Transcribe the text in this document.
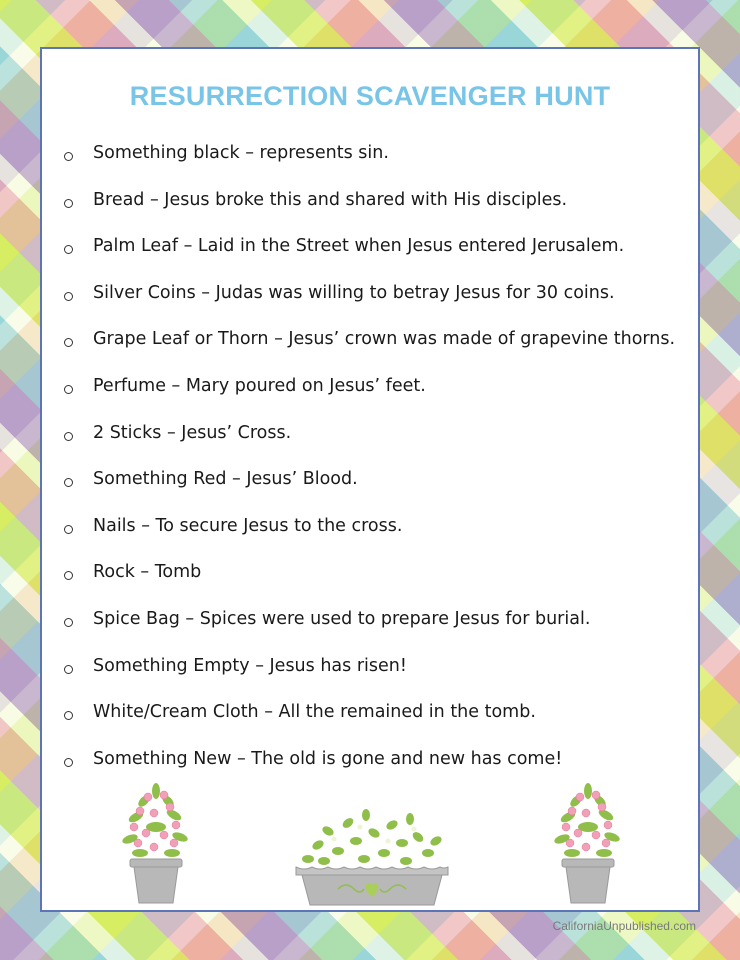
RESURRECTION SCAVENGER HUNT
Something black – represents sin.
Bread – Jesus broke this and shared with His disciples.
Palm Leaf – Laid in the Street when Jesus entered Jerusalem.
Silver Coins – Judas was willing to betray Jesus for 30 coins.
Grape Leaf or Thorn – Jesus’ crown was made of grapevine thorns.
Perfume – Mary poured on Jesus’ feet.
2 Sticks – Jesus’ Cross.
Something Red – Jesus’ Blood.
Nails – To secure Jesus to the cross.
Rock – Tomb
Spice Bag – Spices were used to prepare Jesus for burial.
Something Empty – Jesus has risen!
White/Cream Cloth – All the remained in the tomb.
Something New – The old is gone and new has come!
CaliforniaUnpublished.com
